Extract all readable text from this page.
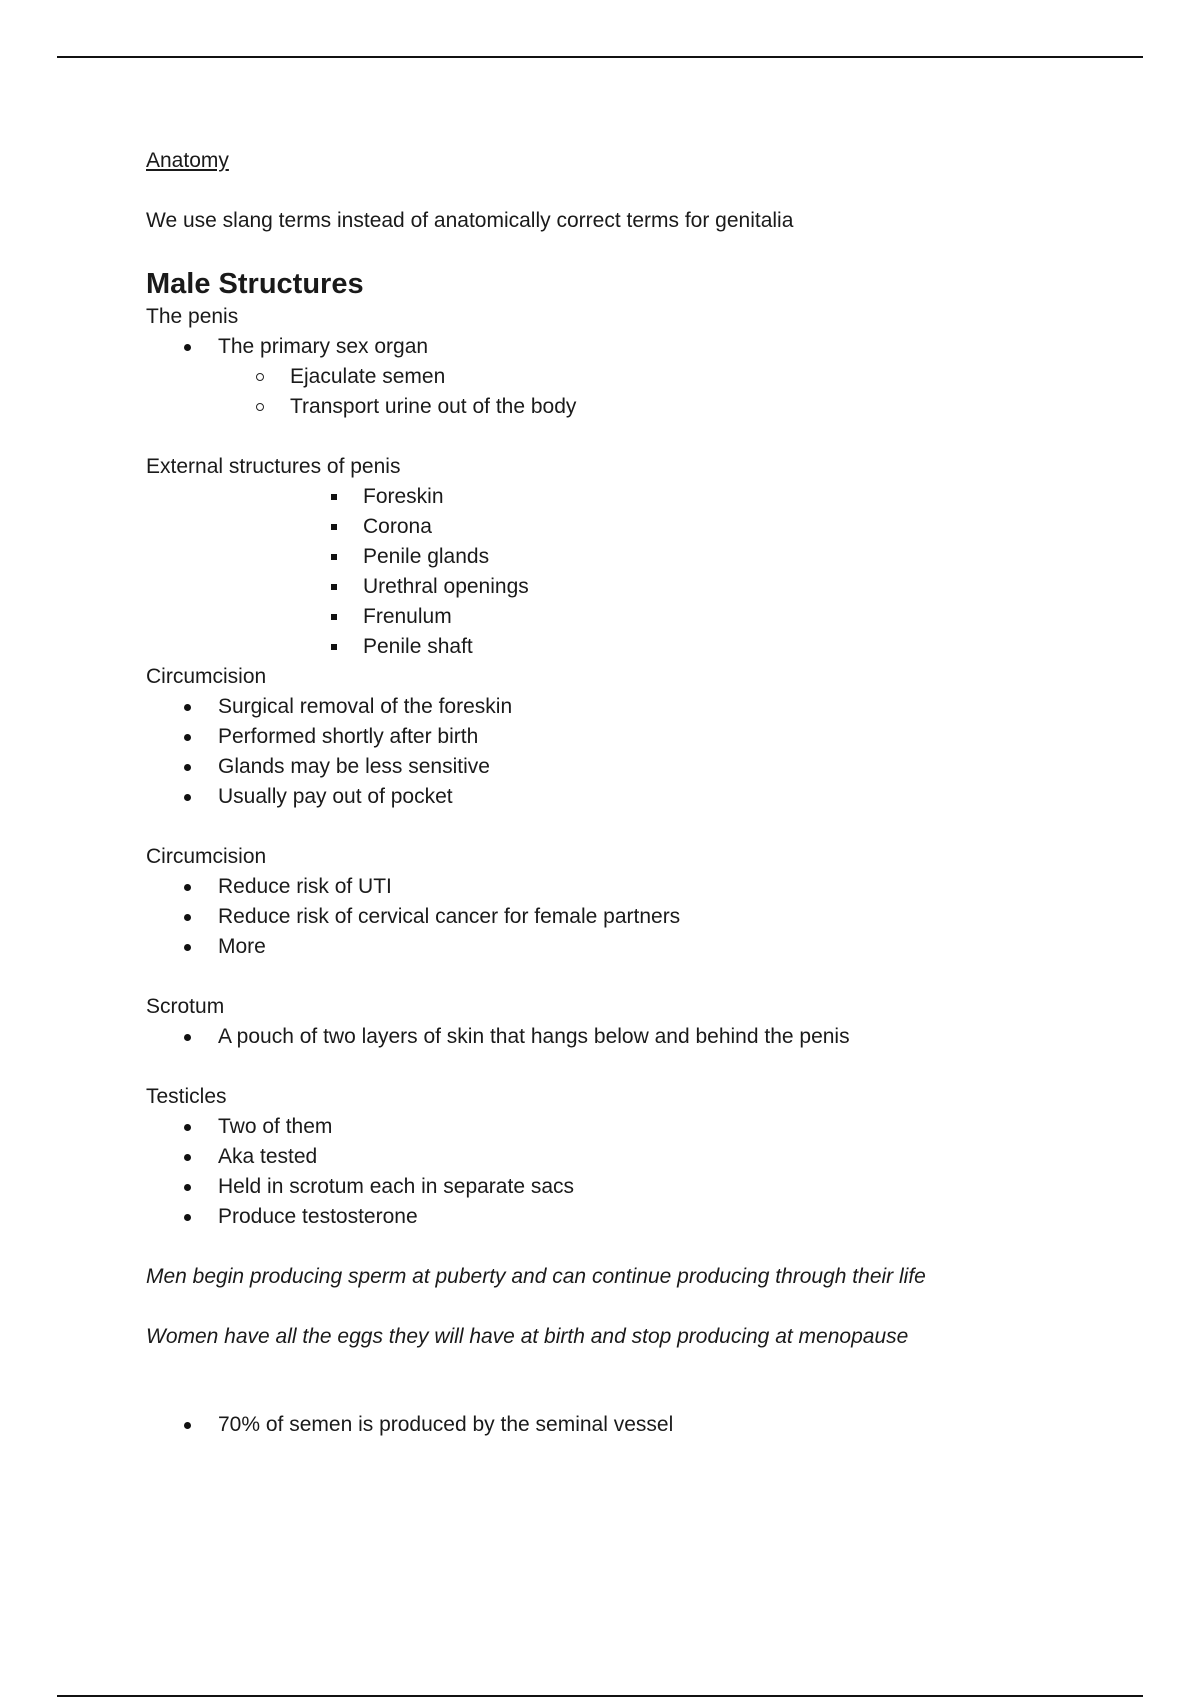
Anatomy
We use slang terms instead of anatomically correct terms for genitalia
Male Structures
The penis
The primary sex organ
Ejaculate semen
Transport urine out of the body
External structures of penis
Foreskin
Corona
Penile glands
Urethral openings
Frenulum
Penile shaft
Circumcision
Surgical removal of the foreskin
Performed shortly after birth
Glands may be less sensitive
Usually pay out of pocket
Circumcision
Reduce risk of UTI
Reduce risk of cervical cancer for female partners
More
Scrotum
A pouch of two layers of skin that hangs below and behind the penis
Testicles
Two of them
Aka tested
Held in scrotum each in separate sacs
Produce testosterone
Men begin producing sperm at puberty and can continue producing through their life
Women have all the eggs they will have at birth and stop producing at menopause
70% of semen is produced by the seminal vessel
